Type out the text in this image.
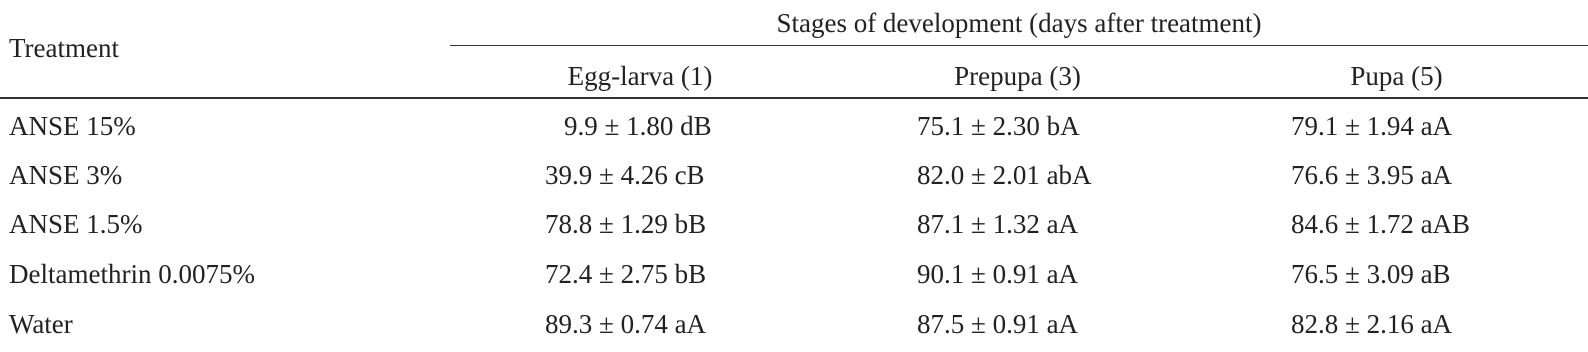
Treatment
Stages of development (days after treatment)
Egg-larva (1)	Prepupa (3)	Pupa (5)
ANSE 15%	9.9 ± 1.80 dB	75.1 ± 2.30 bA	79.1 ± 1.94 aA
ANSE 3%	39.9 ± 4.26 cB	82.0 ± 2.01 abA	76.6 ± 3.95 aA
ANSE 1.5%	78.8 ± 1.29 bB	87.1 ± 1.32 aA	84.6 ± 1.72 aAB
Deltamethrin 0.0075%	72.4 ± 2.75 bB	90.1 ± 0.91 aA	76.5 ± 3.09 aB
Water	89.3 ± 0.74 aA	87.5 ± 0.91 aA	82.8 ± 2.16 aA
